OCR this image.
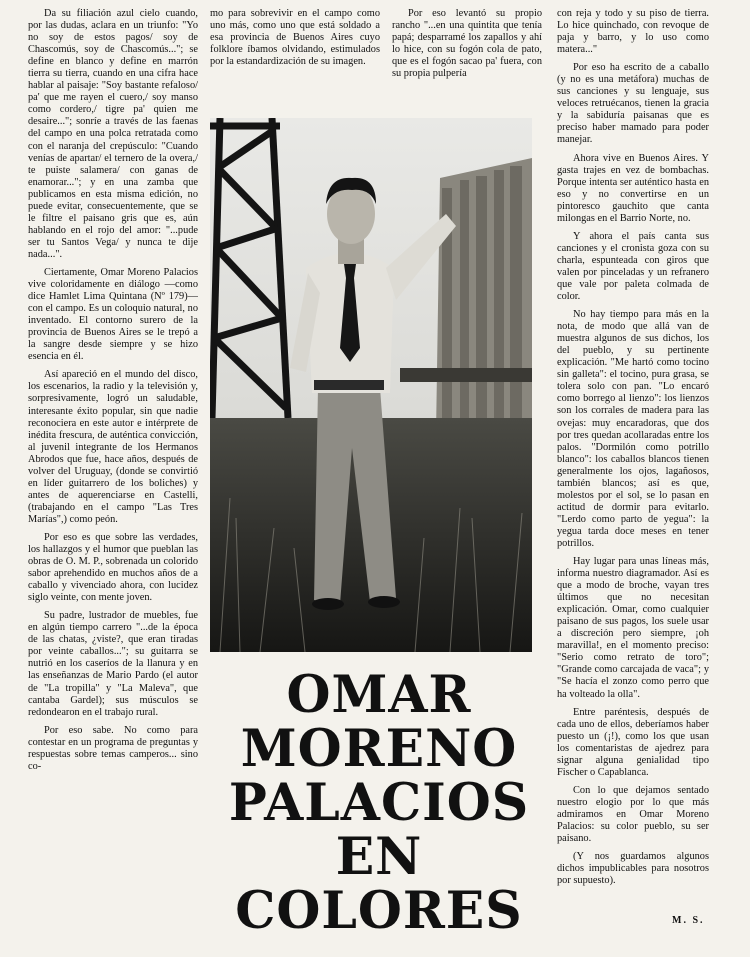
Da su filiación azul cielo cuando, por las dudas, aclara en un triunfo: "Yo no soy de estos pagos/ soy de Chascomús, soy de Chascomús..."; se define en blanco y define en marrón tierra su tierra, cuando en una cifra hace hablar al paisaje: "Soy bastante refaloso/ pa' que me rayen el cuero,/ soy manso como cordero,/ tigre pa' quien me desaire..."; sonríe a través de las faenas del campo en una polca retratada como con el naranja del crepúsculo: "Cuando venías de apartar/ el ternero de la overa,/ te puiste salamera/ con ganas de enamorar..."; y en una zamba que publicamos en esta misma edición, no puede evitar, consecuentemente, que se le filtre el paisano gris que es, aún hablando en el rojo del amor: "...pude ser tu Santos Vega/ y nunca te dije nada...".

Ciertamente, Omar Moreno Palacios vive coloridamente en diálogo —como dice Hamlet Lima Quintana (Nº 179)— con el campo. Es un coloquio natural, no inventado. El contorno surero de la provincia de Buenos Aires se le trepó a la sangre desde siempre y se hizo esencia en él.

Así apareció en el mundo del disco, los escenarios, la radio y la televisión y, sorpresivamente, logró un saludable, interesante éxito popular, sin que nadie reconociera en este autor e intérprete de inédita frescura, de auténtica convicción, al juvenil integrante de los Hermanos Abrodos que fue, hace años, después de volver del Uruguay, (donde se convirtió en líder guitarrero de los boliches) y antes de aquerenciarse en Castelli, (trabajando en el campo "Las Tres Marías",) como peón.

Por eso es que sobre las verdades, los hallazgos y el humor que pueblan las obras de O. M. P., sobrenada un colorido sabor aprehendido en muchos años de a caballo y vivenciado ahora, con lucidez siglo veinte, con mente joven.

Su padre, lustrador de muebles, fue en algún tiempo carrero "...de la época de las chatas, ¿viste?, que eran tiradas por veinte caballos..."; su guitarra se nutrió en los caseríos de la llanura y en las enseñanzas de Mario Pardo (el autor de "La tropilla" y "La Maleva", que cantaba Gardel); sus músculos se redondearon en el trabajo rural.

Por eso sabe. No como para contestar en un programa de preguntas y respuestas sobre temas camperos... sino co-

mo para sobrevivir en el campo como uno más, como uno que está soldado a esa provincia de Buenos Aires cuyo folklore íbamos olvidando, estimulados por la estandardización de su imagen.

Por eso levantó su propio rancho "...en una quintita que tenía papá; desparramé los zapallos y ahí lo hice, con su fogón cola de pato, que es el fogón sacao pa' fuera, con su propia pulpería

con reja y todo y su piso de tierra. Lo hice quinchado, con revoque de paja y barro, y lo uso como matera..."

Por eso ha escrito de a caballo (y no es una metáfora) muchas de sus canciones y su lenguaje, sus veloces retruécanos, tienen la gracia y la sabiduría paisanas que es preciso haber mamado para poder manejar.

Ahora vive en Buenos Aires. Y gasta trajes en vez de bombachas. Porque intenta ser auténtico hasta en eso y no convertirse en un pintoresco gauchito que canta milongas en el Barrio Norte, no.

Y ahora el país canta sus canciones y el cronista goza con su charla, espunteada con giros que valen por pinceladas y un refranero que vale por paleta colmada de color.

No hay tiempo para más en la nota, de modo que allá van de muestra algunos de sus dichos, los del pueblo, y su pertinente explicación. "Me hartó como tocino sin galleta": el tocino, pura grasa, se tolera solo con pan. "Lo encaró como borrego al lienzo": los lienzos son los corrales de madera para las ovejas: muy encaradoras, que dos por tres quedan acollaradas entre los palos. "Dormilón como potrillo blanco": los caballos blancos tienen generalmente los ojos, lagañosos, también blancos; así es que, molestos por el sol, se lo pasan en actitud de dormir para evitarlo. "Lerdo como parto de yegua": la yegua tarda doce meses en tener potrillos.

Hay lugar para unas líneas más, informa nuestro diagramador. Así es que a modo de broche, vayan tres últimos que no necesitan explicación. Omar, como cualquier paisano de sus pagos, los suele usar a discreción pero siempre, ¡oh maravilla!, en el momento preciso: "Serio como retrato de toro"; "Grande como carcajada de vaca"; y "Se hacía el zonzo como perro que ha volteado la olla".

Entre paréntesis, después de cada uno de ellos, deberíamos haber puesto un (¡!), como los que usan los comentaristas de ajedrez para signar alguna genialidad tipo Fischer o Capablanca.

Con lo que dejamos sentado nuestro elogio por lo que más admiramos en Omar Moreno Palacios: su color pueblo, su ser paisano.

(Y nos guardamos algunos dichos impublicables para nosotros por supuesto).

OMAR
MORENO
PALACIOS
EN
COLORES	M. S.
